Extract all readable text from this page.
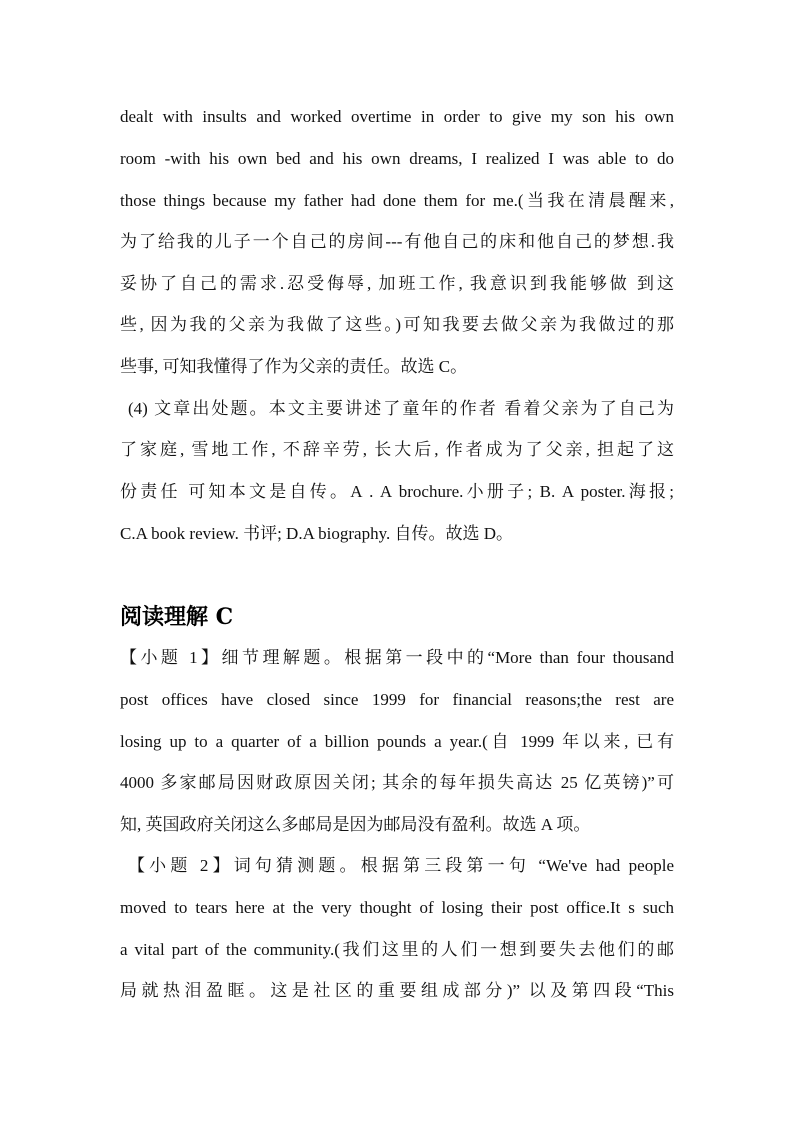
dealt with insults and worked overtime in order to give my son his own
room -with his own bed and his own dreams, I realized I was able to do
those things because my father had done them for me.(当我在清晨醒来,
为了给我的儿子一个自己的房间---有他自己的床和他自己的梦想.我
妥协了自己的需求.忍受侮辱, 加班工作, 我意识到我能够做 到这
些, 因为我的父亲为我做了这些。)可知我要去做父亲为我做过的那
些事, 可知我懂得了作为父亲的责任。故选 C。
(4) 文章出处题。本文主要讲述了童年的作者 看着父亲为了自己为
了家庭, 雪地工作, 不辞辛劳, 长大后, 作者成为了父亲, 担起了这
份责任 可知本文是自传。A . A brochure.小册子; B. A poster.海报;
C.A book review. 书评; D.A biography. 自传。故选 D。
阅读理解 C
【小题 1】细节理解题。根据第一段中的“More than four thousand
post offices have closed since 1999 for financial reasons;the rest are
losing up to a quarter of a billion pounds a year.(自 1999 年以来, 已有
4000 多家邮局因财政原因关闭; 其余的每年损失高达 25 亿英镑)”可
知, 英国政府关闭这么多邮局是因为邮局没有盈利。故选 A 项。
【小题 2】词句猜测题。根据第三段第一句 “We've had people
moved to tears here at the very thought of losing their post office.It s such
a vital part of the community.(我们这里的人们一想到要失去他们的邮
局就热泪盈眶。这是社区的重要组成部分)” 以及第四段“This
